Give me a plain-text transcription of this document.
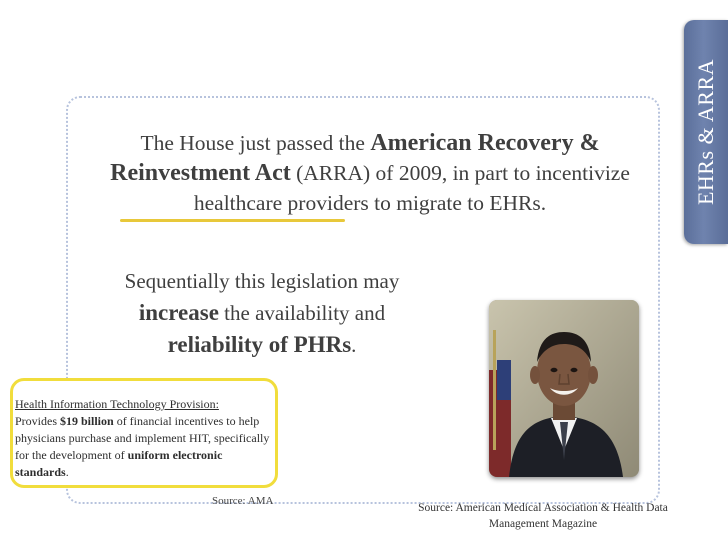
EHRs & ARRA
The House just passed the American Recovery & Reinvestment Act (ARRA) of 2009, in part to incentivize healthcare providers to migrate to EHRs.
Sequentially this legislation may increase the availability and reliability of PHRs.
Health Information Technology Provision:
Provides $19 billion of financial incentives to help physicians purchase and implement HIT, specifically for the development of uniform electronic standards.
Source: AMA
Source: American Medical Association & Health Data Management Magazine
